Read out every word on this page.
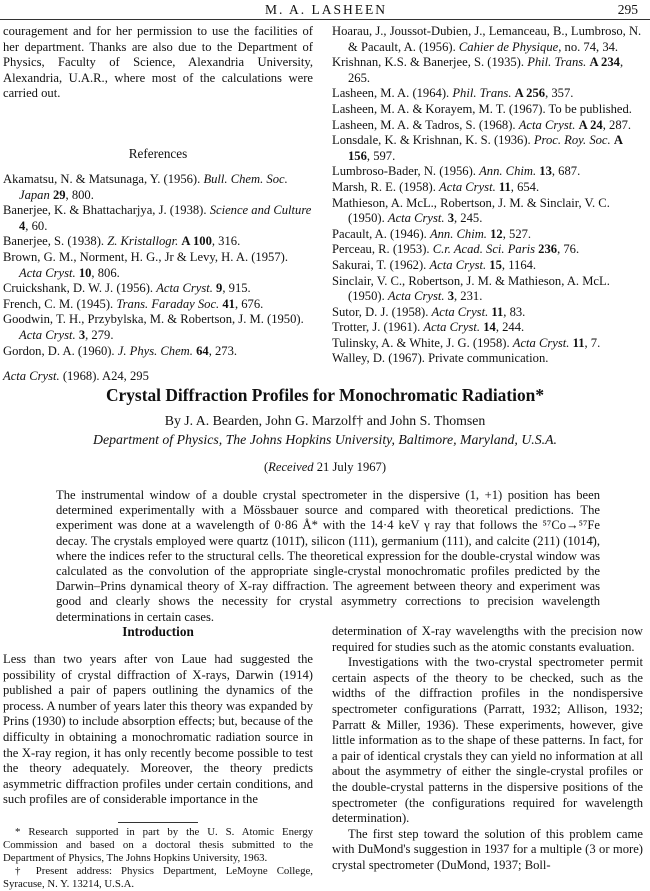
M. A. LASHEEN	295

couragement and for her permission to use the facilities of her department. Thanks are also due to the Department of Physics, Faculty of Science, Alexandria University, Alexandria, U.A.R., where most of the calculations were carried out.

References
Akamatsu, N. & Matsunaga, Y. (1956). Bull. Chem. Soc. Japan 29, 800.
Banerjee, K. & Bhattacharjya, J. (1938). Science and Culture 4, 60.
Banerjee, S. (1938). Z. Kristallogr. A 100, 316.
Brown, G. M., Norment, H. G., Jr & Levy, H. A. (1957). Acta Cryst. 10, 806.
Cruickshank, D. W. J. (1956). Acta Cryst. 9, 915.
French, C. M. (1945). Trans. Faraday Soc. 41, 676.
Goodwin, T. H., Przybylska, M. & Robertson, J. M. (1950). Acta Cryst. 3, 279.
Gordon, D. A. (1960). J. Phys. Chem. 64, 273.
Hoarau, J., Joussot-Dubien, J., Lemanceau, B., Lumbroso, N. & Pacault, A. (1956). Cahier de Physique, no. 74, 34.
Krishnan, K.S. & Banerjee, S. (1935). Phil. Trans. A 234, 265.
Lasheen, M. A. (1964). Phil. Trans. A 256, 357.
Lasheen, M. A. & Korayem, M. T. (1967). To be published.
Lasheen, M. A. & Tadros, S. (1968). Acta Cryst. A 24, 287.
Lonsdale, K. & Krishnan, K. S. (1936). Proc. Roy. Soc. A 156, 597.
Lumbroso-Bader, N. (1956). Ann. Chim. 13, 687.
Marsh, R. E. (1958). Acta Cryst. 11, 654.
Mathieson, A. McL., Robertson, J. M. & Sinclair, V. C. (1950). Acta Cryst. 3, 245.
Pacault, A. (1946). Ann. Chim. 12, 527.
Perceau, R. (1953). C.r. Acad. Sci. Paris 236, 76.
Sakurai, T. (1962). Acta Cryst. 15, 1164.
Sinclair, V. C., Robertson, J. M. & Mathieson, A. McL. (1950). Acta Cryst. 3, 231.
Sutor, D. J. (1958). Acta Cryst. 11, 83.
Trotter, J. (1961). Acta Cryst. 14, 244.
Tulinsky, A. & White, J. G. (1958). Acta Cryst. 11, 7.
Walley, D. (1967). Private communication.
Acta Cryst. (1968). A24, 295
Crystal Diffraction Profiles for Monochromatic Radiation*
By J. A. Bearden, John G. Marzolf† and John S. Thomsen
Department of Physics, The Johns Hopkins University, Baltimore, Maryland, U.S.A.
(Received 21 July 1967)
The instrumental window of a double crystal spectrometer in the dispersive (1, +1) position has been determined experimentally with a Mössbauer source and compared with theoretical predictions. The experiment was done at a wavelength of 0·86 Å* with the 14·4 keV γ ray that follows the ⁵⁷Co→⁵⁷Fe decay. The crystals employed were quartz (1011̄), silicon (111), germanium (111), and calcite (211) (1014̄), where the indices refer to the structural cells. The theoretical expression for the double-crystal window was calculated as the convolution of the appropriate single-crystal monochromatic profiles predicted by the Darwin–Prins dynamical theory of X-ray diffraction. The agreement between theory and experiment was good and clearly shows the necessity for crystal asymmetry corrections to precision wavelength determinations in certain cases.
Introduction

Less than two years after von Laue had suggested the possibility of crystal diffraction of X-rays, Darwin (1914) published a pair of papers outlining the dynamics of the process. A number of years later this theory was expanded by Prins (1930) to include absorption effects; but, because of the difficulty in obtaining a monochromatic radiation source in the X-ray region, it has only recently become possible to test the theory adequately. Moreover, the theory predicts asymmetric diffraction profiles under certain conditions, and such profiles are of considerable importance in the

determination of X-ray wavelengths with the precision now required for studies such as the atomic constants evaluation.

Investigations with the two-crystal spectrometer permit certain aspects of the theory to be checked, such as the widths of the diffraction profiles in the nondispersive spectrometer configurations (Parratt, 1932; Allison, 1932; Parratt & Miller, 1936). These experiments, however, give little information as to the shape of these patterns. In fact, for a pair of identical crystals they can yield no information at all about the asymmetry of either the single-crystal profiles or the double-crystal patterns in the dispersive positions of the spectrometer (the configurations required for wavelength determination).

The first step toward the solution of this problem came with DuMond's suggestion in 1937 for a multiple (3 or more) crystal spectrometer (DuMond, 1937; Boll-

* Research supported in part by the U. S. Atomic Energy Commission and based on a doctoral thesis submitted to the Department of Physics, The Johns Hopkins University, 1963.

† Present address: Physics Department, LeMoyne College, Syracuse, N. Y. 13214, U.S.A.
